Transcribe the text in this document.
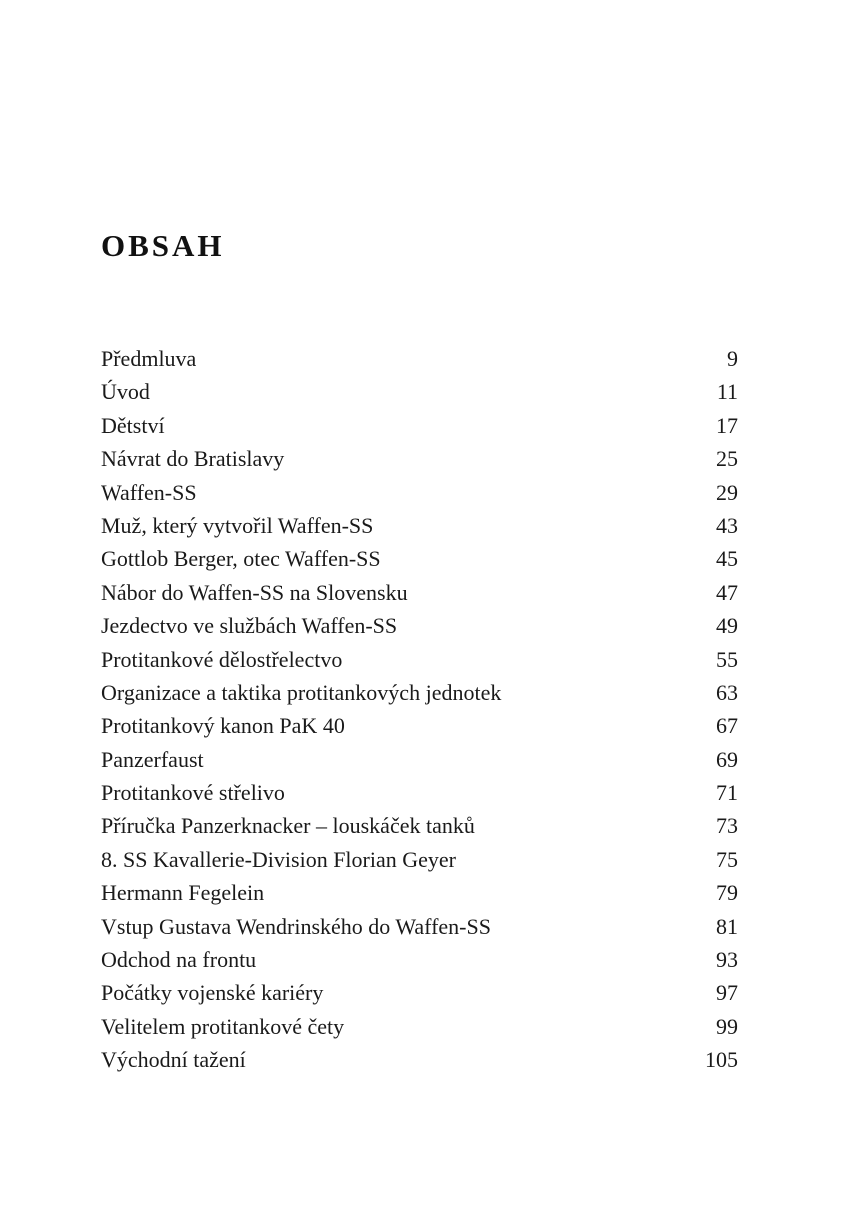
OBSAH
Předmluva	9
Úvod	11
Dětství	17
Návrat do Bratislavy	25
Waffen-SS	29
Muž, který vytvořil Waffen-SS	43
Gottlob Berger, otec Waffen-SS	45
Nábor do Waffen-SS na Slovensku	47
Jezdectvo ve službách Waffen-SS	49
Protitankové dělostřelectvo	55
Organizace a taktika protitankových jednotek	63
Protitankový kanon PaK 40	67
Panzerfaust	69
Protitankové střelivo	71
Příručka Panzerknacker – louskáček tanků	73
8. SS Kavallerie-Division Florian Geyer	75
Hermann Fegelein	79
Vstup Gustava Wendrinského do Waffen-SS	81
Odchod na frontu	93
Počátky vojenské kariéry	97
Velitelem protitankové čety	99
Východní tažení	105
